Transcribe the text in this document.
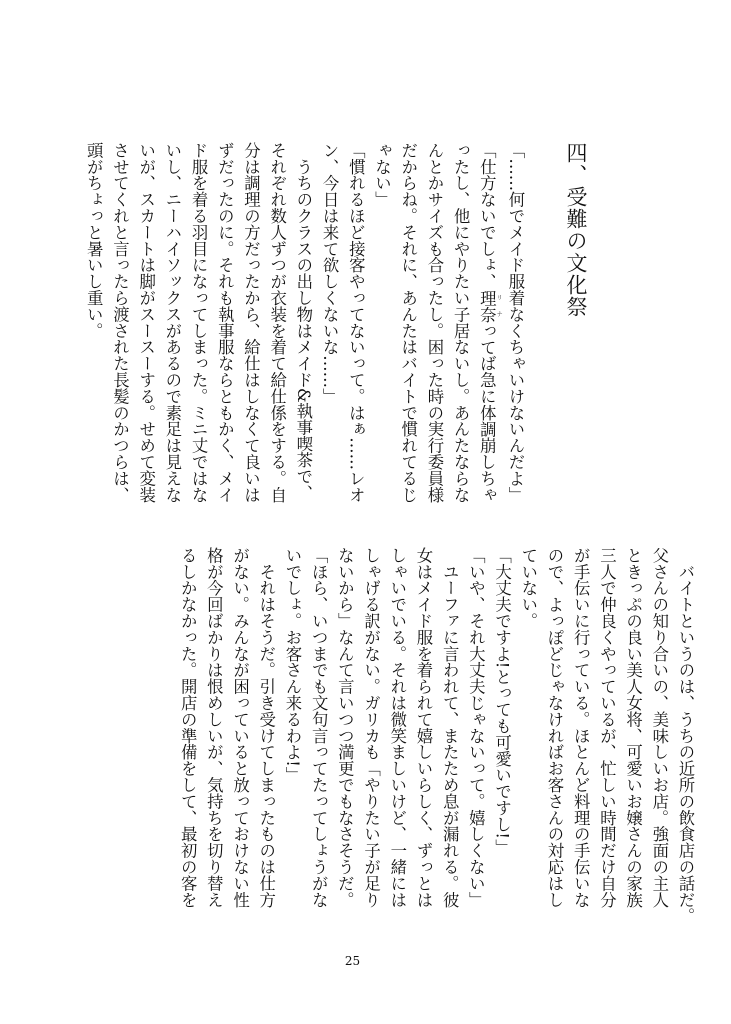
四、受難の文化祭

「……何でメイド服着なくちゃいけないんだよ」

「仕方ないでしょ、理奈 リナってば急に体調崩しちゃ

ったし、他にやりたい子居ないし。あんたならな

んとかサイズも合ったし。困った時の実行委員様

だからね。それに、あんたはバイトで慣れてるじ

ゃない」

「慣れるほど接客やってないって。はぁ……レオ

ン、今日は来て欲しくないな……」

　うちのクラスの出し物はメイド&執事喫茶で、

それぞれ数人ずつが衣装を着て給仕係をする。自

分は調理の方だったから、給仕はしなくて良いは

ずだったのに。それも執事服ならともかく、メイ

ド服を着る羽目になってしまった。ミニ丈ではな

いし、ニーハイソックスがあるので素足は見えな

いが、スカートは脚がスースーする。せめて変装

させてくれと言ったら渡された長髪のかつらは、

頭がちょっと暑いし重い。

　バイトというのは、うちの近所の飲食店の話だ。

父さんの知り合いの、美味しいお店。強面の主人

ときっぷの良い美人女将、可愛いお嬢さんの家族

三人で仲良くやっているが、忙しい時間だけ自分

が手伝いに行っている。ほとんど料理の手伝いな

ので、よっぽどじゃなければお客さんの対応はし

ていない。

「大丈夫ですよ!とっても可愛いですし!」

「いや、それ大丈夫じゃないって。嬉しくない」

　ユーファに言われて、またため息が漏れる。彼

女はメイド服を着られて嬉しいらしく、ずっとは

しゃいでいる。それは微笑ましいけど、一緒には

しゃげる訳がない。ガリカも「やりたい子が足り

ないから」なんて言いつつ満更でもなさそうだ。

「ほら、いつまでも文句言ってたってしょうがな

いでしょ。お客さん来るわよ!」

　それはそうだ。引き受けてしまったものは仕方

がない。みんなが困っていると放っておけない性

格が今回ばかりは恨めしいが、気持ちを切り替え

るしかなかった。開店の準備をして、最初の客を

25
